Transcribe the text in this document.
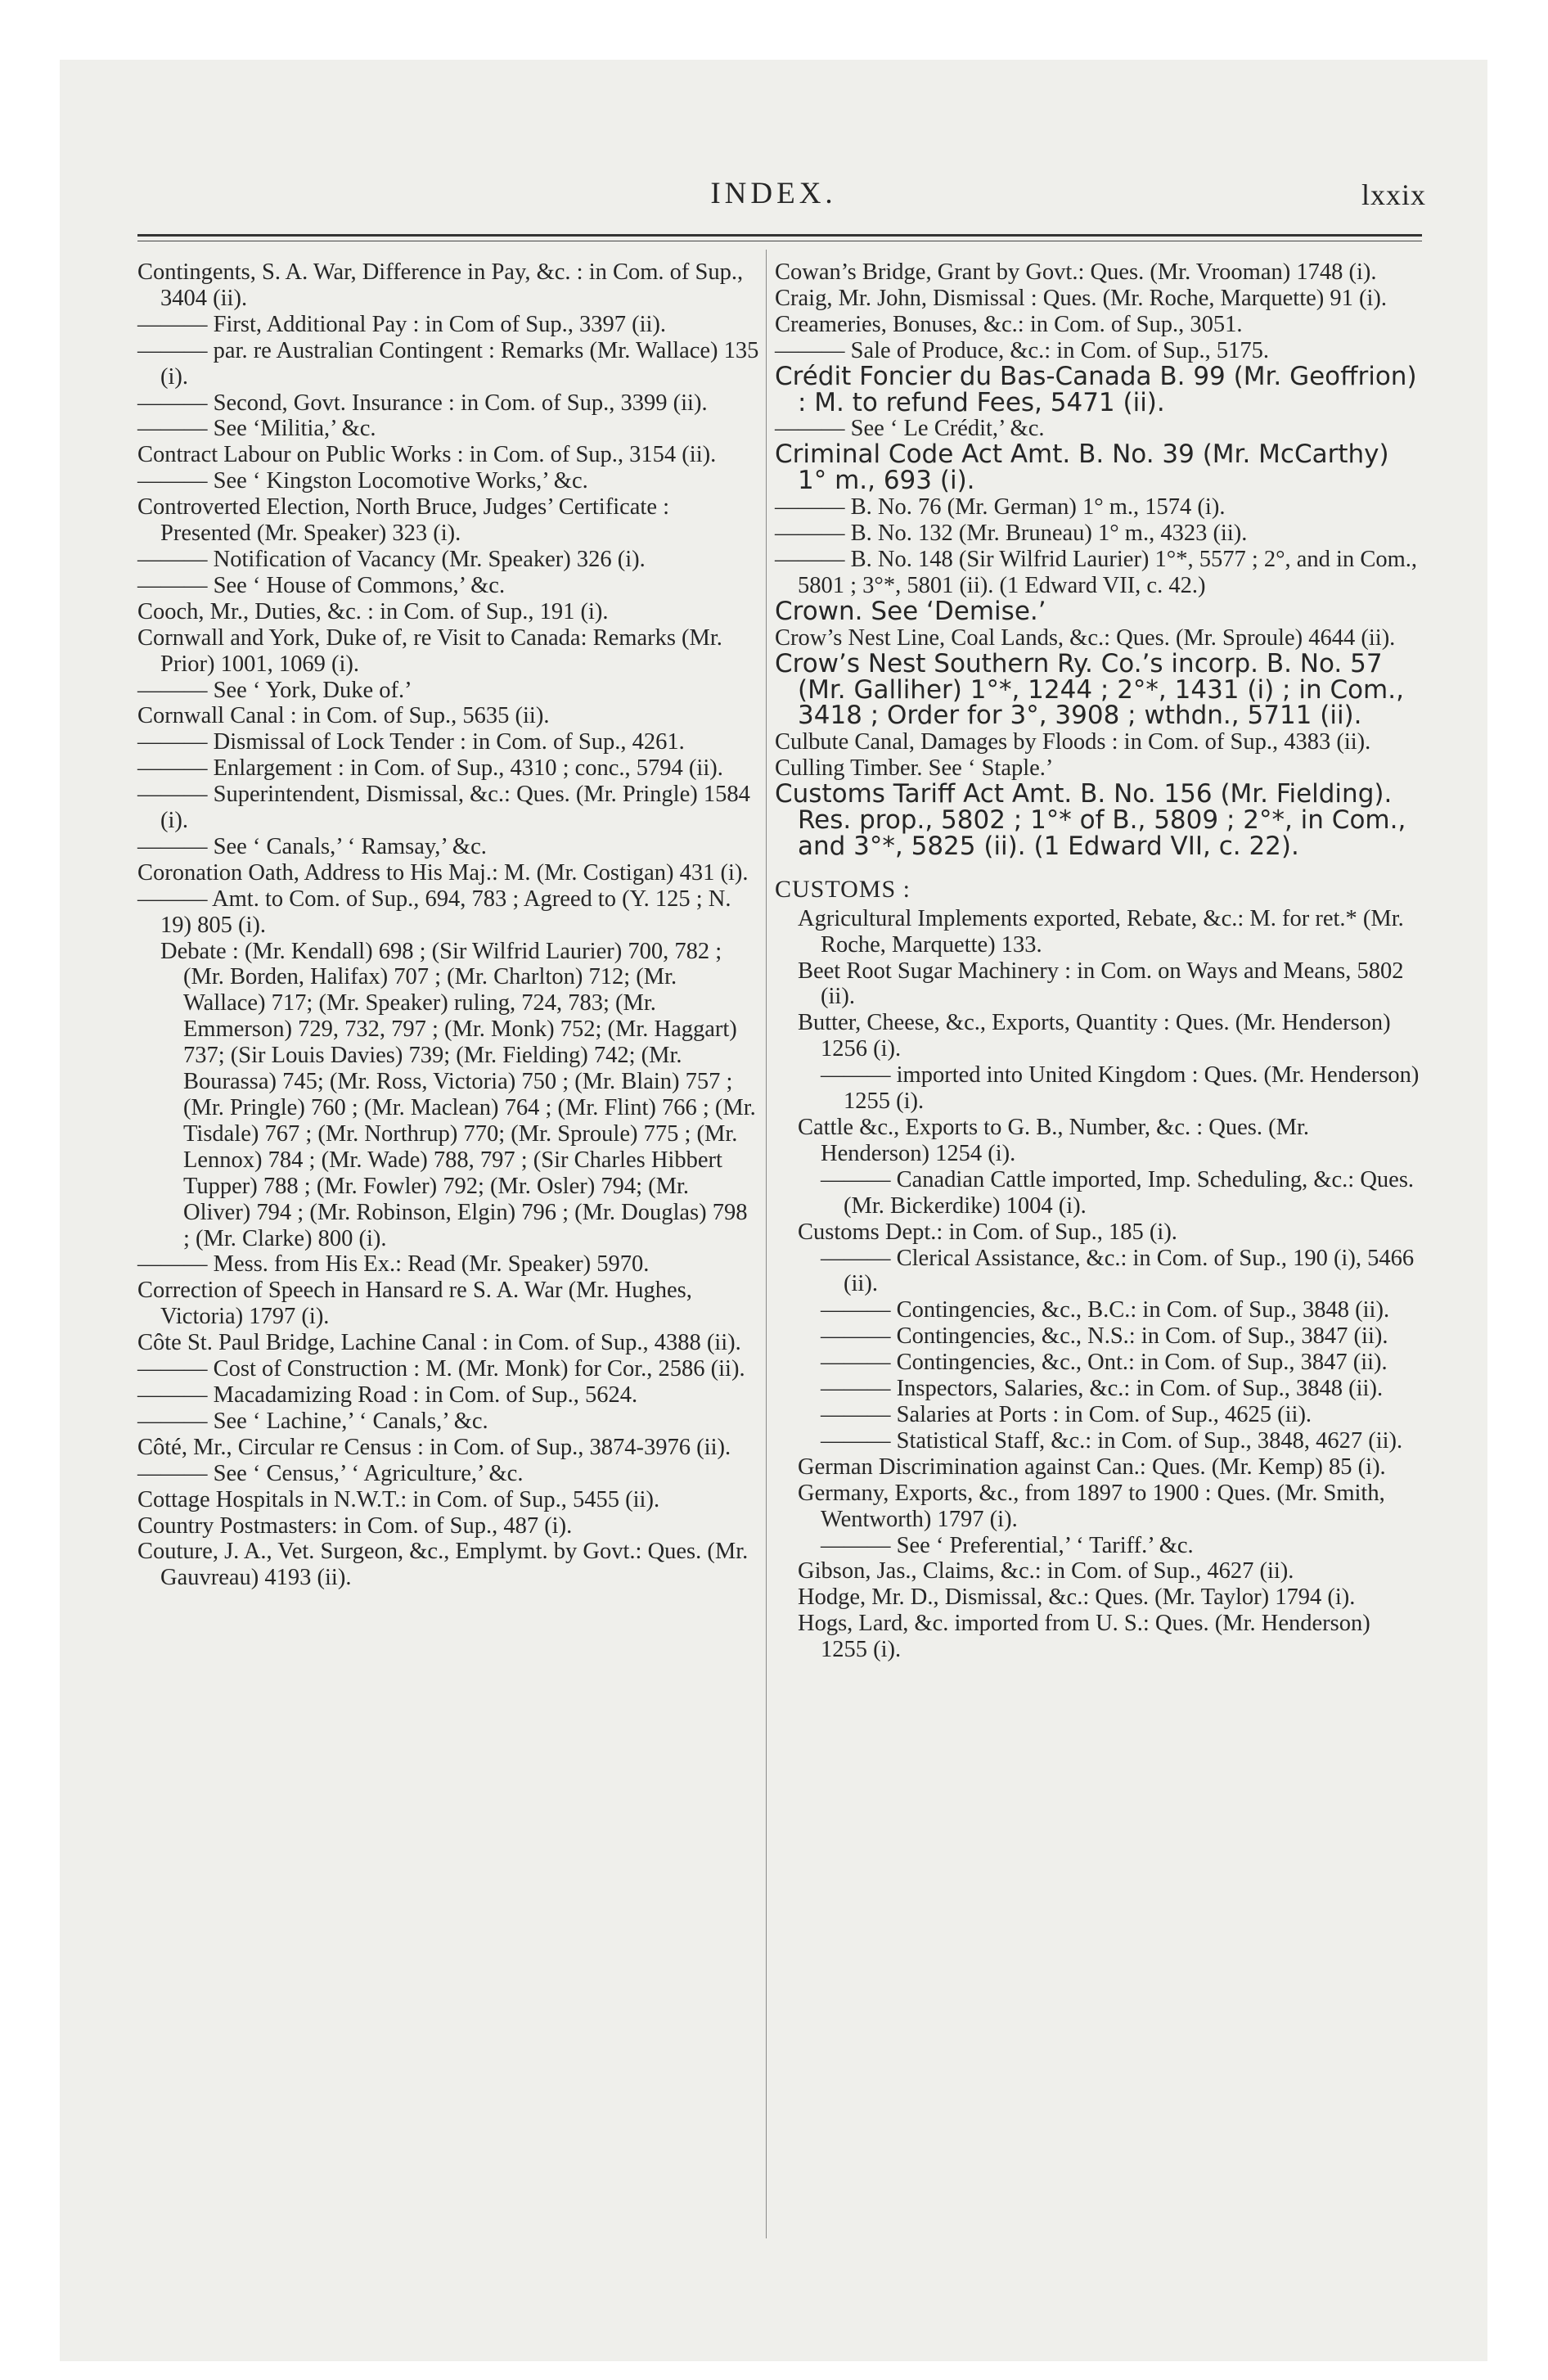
INDEX.	lxxix
Contingents, S. A. War, Difference in Pay, &c. : in Com. of Sup., 3404 (ii).
——— First, Additional Pay : in Com of Sup., 3397 (ii).
——— par. re Australian Contingent : Remarks (Mr. Wallace) 135 (i).
——— Second, Govt. Insurance : in Com. of Sup., 3399 (ii).
——— See ‘Militia,’ &c.
Contract Labour on Public Works : in Com. of Sup., 3154 (ii).
——— See ‘ Kingston Locomotive Works,’ &c.
Controverted Election, North Bruce, Judges’ Certificate : Presented (Mr. Speaker) 323 (i).
——— Notification of Vacancy (Mr. Speaker) 326 (i).
——— See ‘ House of Commons,’ &c.
Cooch, Mr., Duties, &c. : in Com. of Sup., 191 (i).
Cornwall and York, Duke of, re Visit to Canada: Remarks (Mr. Prior) 1001, 1069 (i).
——— See ‘ York, Duke of.’
Cornwall Canal : in Com. of Sup., 5635 (ii).
——— Dismissal of Lock Tender : in Com. of Sup., 4261.
——— Enlargement : in Com. of Sup., 4310 ; conc., 5794 (ii).
——— Superintendent, Dismissal, &c.: Ques. (Mr. Pringle) 1584 (i).
——— See ‘ Canals,’ ‘ Ramsay,’ &c.
Coronation Oath, Address to His Maj.: M. (Mr. Costigan) 431 (i).
——— Amt. to Com. of Sup., 694, 783 ; Agreed to (Y. 125 ; N. 19) 805 (i).
Debate : (Mr. Kendall) 698 ; (Sir Wilfrid Laurier) 700, 782 ; (Mr. Borden, Halifax) 707 ; (Mr. Charlton) 712; (Mr. Wallace) 717; (Mr. Speaker) ruling, 724, 783; (Mr. Emmerson) 729, 732, 797 ; (Mr. Monk) 752; (Mr. Haggart) 737; (Sir Louis Davies) 739; (Mr. Fielding) 742; (Mr. Bourassa) 745; (Mr. Ross, Victoria) 750 ; (Mr. Blain) 757 ; (Mr. Pringle) 760 ; (Mr. Maclean) 764 ; (Mr. Flint) 766 ; (Mr. Tisdale) 767 ; (Mr. Northrup) 770; (Mr. Sproule) 775 ; (Mr. Lennox) 784 ; (Mr. Wade) 788, 797 ; (Sir Charles Hibbert Tupper) 788 ; (Mr. Fowler) 792; (Mr. Osler) 794; (Mr. Oliver) 794 ; (Mr. Robinson, Elgin) 796 ; (Mr. Douglas) 798 ; (Mr. Clarke) 800 (i).
——— Mess. from His Ex.: Read (Mr. Speaker) 5970.
Correction of Speech in Hansard re S. A. War (Mr. Hughes, Victoria) 1797 (i).
Côte St. Paul Bridge, Lachine Canal : in Com. of Sup., 4388 (ii).
——— Cost of Construction : M. (Mr. Monk) for Cor., 2586 (ii).
——— Macadamizing Road : in Com. of Sup., 5624.
——— See ‘ Lachine,’ ‘ Canals,’ &c.
Côté, Mr., Circular re Census : in Com. of Sup., 3874-3976 (ii).
——— See ‘ Census,’ ‘ Agriculture,’ &c.
Cottage Hospitals in N.W.T.: in Com. of Sup., 5455 (ii).
Country Postmasters: in Com. of Sup., 487 (i).
Couture, J. A., Vet. Surgeon, &c., Emplymt. by Govt.: Ques. (Mr. Gauvreau) 4193 (ii).
Cowan’s Bridge, Grant by Govt.: Ques. (Mr. Vrooman) 1748 (i).
Craig, Mr. John, Dismissal : Ques. (Mr. Roche, Marquette) 91 (i).
Creameries, Bonuses, &c.: in Com. of Sup., 3051.
——— Sale of Produce, &c.: in Com. of Sup., 5175.
Crédit Foncier du Bas-Canada B. 99 (Mr. Geoffrion) : M. to refund Fees, 5471 (ii).
——— See ‘ Le Crédit,’ &c.
Criminal Code Act Amt. B. No. 39 (Mr. McCarthy) 1° m., 693 (i).
——— B. No. 76 (Mr. German) 1° m., 1574 (i).
——— B. No. 132 (Mr. Bruneau) 1° m., 4323 (ii).
——— B. No. 148 (Sir Wilfrid Laurier) 1°*, 5577 ; 2°, and in Com., 5801 ; 3°*, 5801 (ii). (1 Edward VII, c. 42.)
Crown. See ‘Demise.’
Crow’s Nest Line, Coal Lands, &c.: Ques. (Mr. Sproule) 4644 (ii).
Crow’s Nest Southern Ry. Co.’s incorp. B. No. 57 (Mr. Galliher) 1°*, 1244 ; 2°*, 1431 (i) ; in Com., 3418 ; Order for 3°, 3908 ; wthdn., 5711 (ii).
Culbute Canal, Damages by Floods : in Com. of Sup., 4383 (ii).
Culling Timber. See ‘ Staple.’
Customs Tariff Act Amt. B. No. 156 (Mr. Fielding). Res. prop., 5802 ; 1°* of B., 5809 ; 2°*, in Com., and 3°*, 5825 (ii). (1 Edward VII, c. 22).
CUSTOMS :
Agricultural Implements exported, Rebate, &c.: M. for ret.* (Mr. Roche, Marquette) 133.
Beet Root Sugar Machinery : in Com. on Ways and Means, 5802 (ii).
Butter, Cheese, &c., Exports, Quantity : Ques. (Mr. Henderson) 1256 (i).
——— imported into United Kingdom : Ques. (Mr. Henderson) 1255 (i).
Cattle &c., Exports to G. B., Number, &c. : Ques. (Mr. Henderson) 1254 (i).
——— Canadian Cattle imported, Imp. Scheduling, &c.: Ques. (Mr. Bickerdike) 1004 (i).
Customs Dept.: in Com. of Sup., 185 (i).
——— Clerical Assistance, &c.: in Com. of Sup., 190 (i), 5466 (ii).
——— Contingencies, &c., B.C.: in Com. of Sup., 3848 (ii).
——— Contingencies, &c., N.S.: in Com. of Sup., 3847 (ii).
——— Contingencies, &c., Ont.: in Com. of Sup., 3847 (ii).
——— Inspectors, Salaries, &c.: in Com. of Sup., 3848 (ii).
——— Salaries at Ports : in Com. of Sup., 4625 (ii).
——— Statistical Staff, &c.: in Com. of Sup., 3848, 4627 (ii).
German Discrimination against Can.: Ques. (Mr. Kemp) 85 (i).
Germany, Exports, &c., from 1897 to 1900 : Ques. (Mr. Smith, Wentworth) 1797 (i).
——— See ‘ Preferential,’ ‘ Tariff.’ &c.
Gibson, Jas., Claims, &c.: in Com. of Sup., 4627 (ii).
Hodge, Mr. D., Dismissal, &c.: Ques. (Mr. Taylor) 1794 (i).
Hogs, Lard, &c. imported from U. S.: Ques. (Mr. Henderson) 1255 (i).
